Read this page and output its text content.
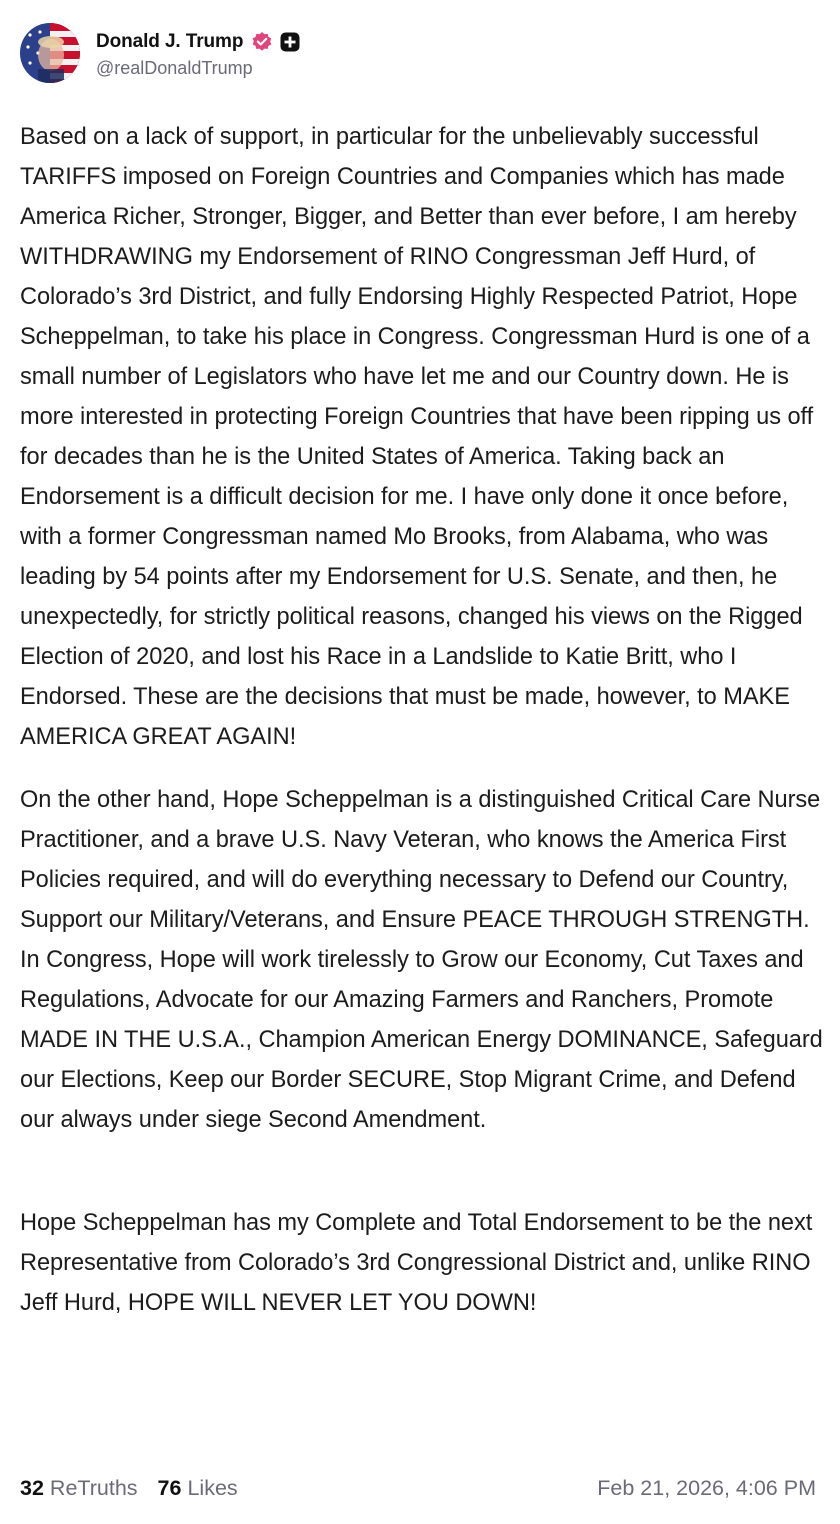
Donald J. Trump
@realDonaldTrump
Based on a lack of support, in particular for the unbelievably successful TARIFFS imposed on Foreign Countries and Companies which has made America Richer, Stronger, Bigger, and Better than ever before, I am hereby WITHDRAWING my Endorsement of RINO Congressman Jeff Hurd, of Colorado’s 3rd District, and fully Endorsing Highly Respected Patriot, Hope Scheppelman, to take his place in Congress. Congressman Hurd is one of a small number of Legislators who have let me and our Country down. He is more interested in protecting Foreign Countries that have been ripping us off for decades than he is the United States of America. Taking back an Endorsement is a difficult decision for me. I have only done it once before, with a former Congressman named Mo Brooks, from Alabama, who was leading by 54 points after my Endorsement for U.S. Senate, and then, he unexpectedly, for strictly political reasons, changed his views on the Rigged Election of 2020, and lost his Race in a Landslide to Katie Britt, who I Endorsed. These are the decisions that must be made, however, to MAKE AMERICA GREAT AGAIN!
On the other hand, Hope Scheppelman is a distinguished Critical Care Nurse Practitioner, and a brave U.S. Navy Veteran, who knows the America First Policies required, and will do everything necessary to Defend our Country, Support our Military/Veterans, and Ensure PEACE THROUGH STRENGTH. In Congress, Hope will work tirelessly to Grow our Economy, Cut Taxes and Regulations, Advocate for our Amazing Farmers and Ranchers, Promote MADE IN THE U.S.A., Champion American Energy DOMINANCE, Safeguard our Elections, Keep our Border SECURE, Stop Migrant Crime, and Defend our always under siege Second Amendment.
Hope Scheppelman has my Complete and Total Endorsement to be the next Representative from Colorado’s 3rd Congressional District and, unlike RINO Jeff Hurd, HOPE WILL NEVER LET YOU DOWN!
32 ReTruths 76 Likes	Feb 21, 2026, 4:06 PM
